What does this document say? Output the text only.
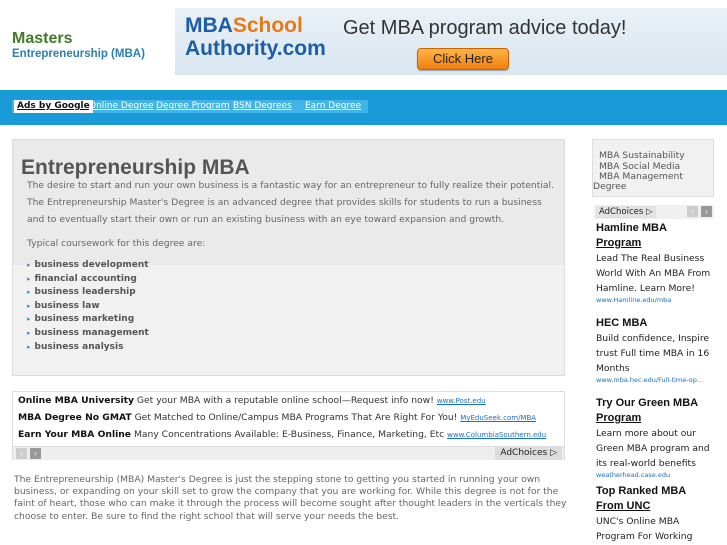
Masters
Entrepreneurship (MBA)
MBASchool
Authority.com
Get MBA program advice today!
Click Here
Ads by Google Online Degree Degree Program BSN Degrees Earn Degree
Entrepreneurship MBA
The desire to start and run your own business is a fantastic way for an entrepreneur to fully realize their potential. The Entrepreneurship Master's Degree is an advanced degree that provides skills for students to run a business and to eventually start their own or run an existing business with an eye toward expansion and growth.
Typical coursework for this degree are:
▸ business development
▸ financial accounting
▸ business leadership
▸ business law
▸ business marketing
▸ business management
▸ business analysis
Online MBA University Get your MBA with a reputable online school—Request info now! www.Post.edu
MBA Degree No GMAT Get Matched to Online/Campus MBA Programs That Are Right For You! MyEduSeek.com/MBA
Earn Your MBA Online Many Concentrations Available: E-Business, Finance, Marketing, Etc www.ColumbiaSouthern.edu
‹	›	AdChoices ▷
The Entrepreneurship (MBA) Master's Degree is just the stepping stone to getting you started in running your own business, or expanding on your skill set to grow the company that you are working for. While this degree is not for the faint of heart, those who can make it through the process will become sought after thought leaders in the verticals they choose to enter. Be sure to find the right school that will serve your needs the best.
MBA Sustainability
MBA Social Media
MBA Management
Degree
AdChoices ▷	‹	›
Hamline MBA
Program
Lead The Real Business World With An MBA From Hamline. Learn More!
www.Hamline.edu/mba
HEC MBA
Build confidence, Inspire trust Full time MBA in 16 Months
www.mba.hec.edu/Full-time-op...
Try Our Green MBA
Program
Learn more about our Green MBA program and its real-world benefits
weatherhead.case.edu
Top Ranked MBA
From UNC
UNC's Online MBA Program For Working
